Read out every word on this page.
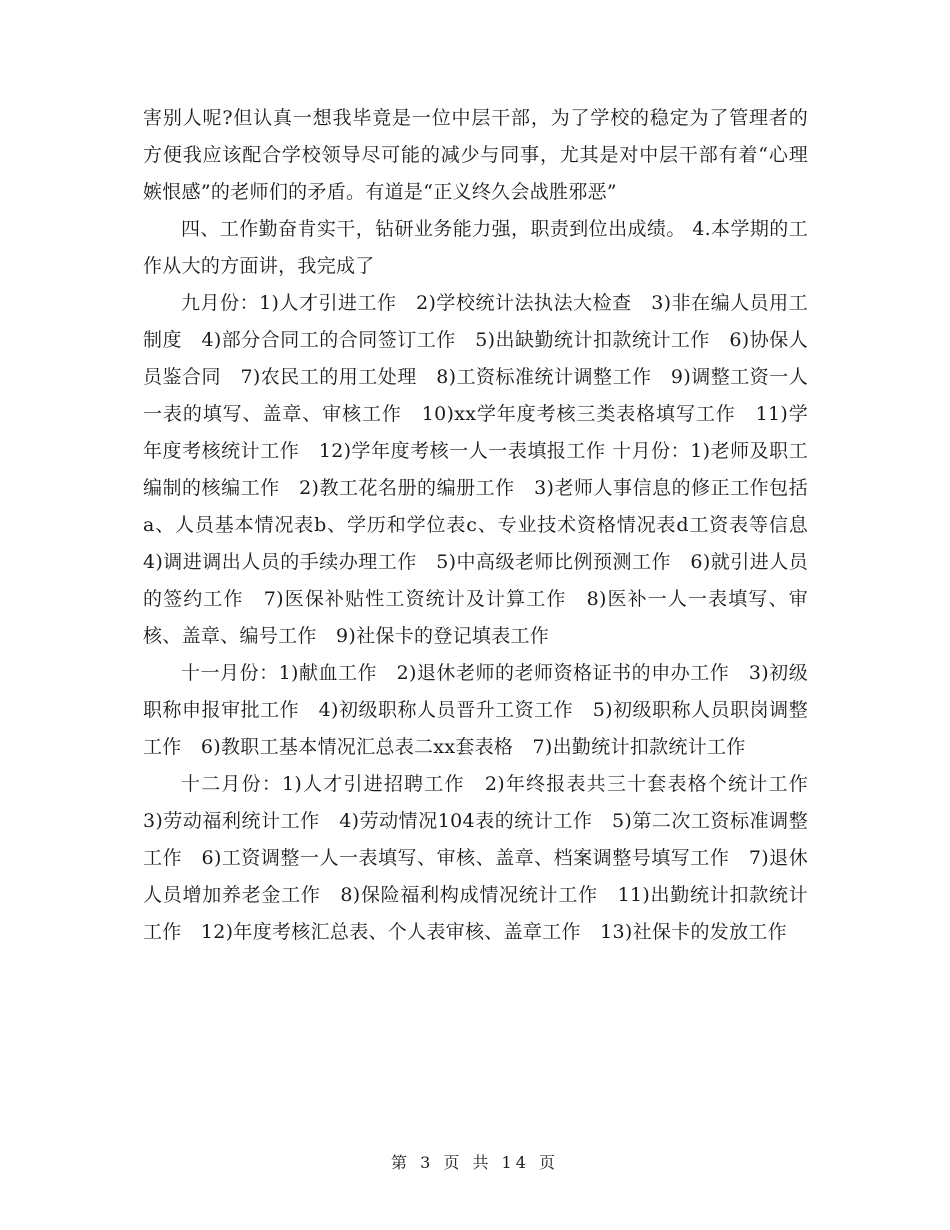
害别人呢?但认真一想我毕竟是一位中层干部，为了学校的稳定为了管理者的方便我应该配合学校领导尽可能的减少与同事，尤其是对中层干部有着“心理嫉恨感”的老师们的矛盾。有道是“正义终久会战胜邪恶”

四、工作勤奋肯实干，钻研业务能力强，职责到位出成绩。 4.本学期的工作从大的方面讲，我完成了

九月份：1)人才引进工作　2)学校统计法执法大检查　3)非在编人员用工制度　4)部分合同工的合同签订工作　5)出缺勤统计扣款统计工作　6)协保人员鉴合同　7)农民工的用工处理　8)工资标准统计调整工作　9)调整工资一人一表的填写、盖章、审核工作　10)xx学年度考核三类表格填写工作　11)学年度考核统计工作　12)学年度考核一人一表填报工作 十月份：1)老师及职工编制的核编工作　2)教工花名册的编册工作　3)老师人事信息的修正工作包括a、人员基本情况表b、学历和学位表c、专业技术资格情况表d工资表等信息　4)调进调出人员的手续办理工作　5)中高级老师比例预测工作　6)就引进人员的签约工作　7)医保补贴性工资统计及计算工作　8)医补一人一表填写、审核、盖章、编号工作　9)社保卡的登记填表工作

十一月份：1)献血工作　2)退休老师的老师资格证书的申办工作　3)初级职称申报审批工作　4)初级职称人员晋升工资工作　5)初级职称人员职岗调整工作　6)教职工基本情况汇总表二xx套表格　7)出勤统计扣款统计工作

十二月份：1)人才引进招聘工作　2)年终报表共三十套表格个统计工作　3)劳动福利统计工作　4)劳动情况104表的统计工作　5)第二次工资标准调整工作　6)工资调整一人一表填写、审核、盖章、档案调整号填写工作　7)退休人员增加养老金工作　8)保险福利构成情况统计工作　11)出勤统计扣款统计工作　12)年度考核汇总表、个人表审核、盖章工作　13)社保卡的发放工作

第 3 页 共 14 页
